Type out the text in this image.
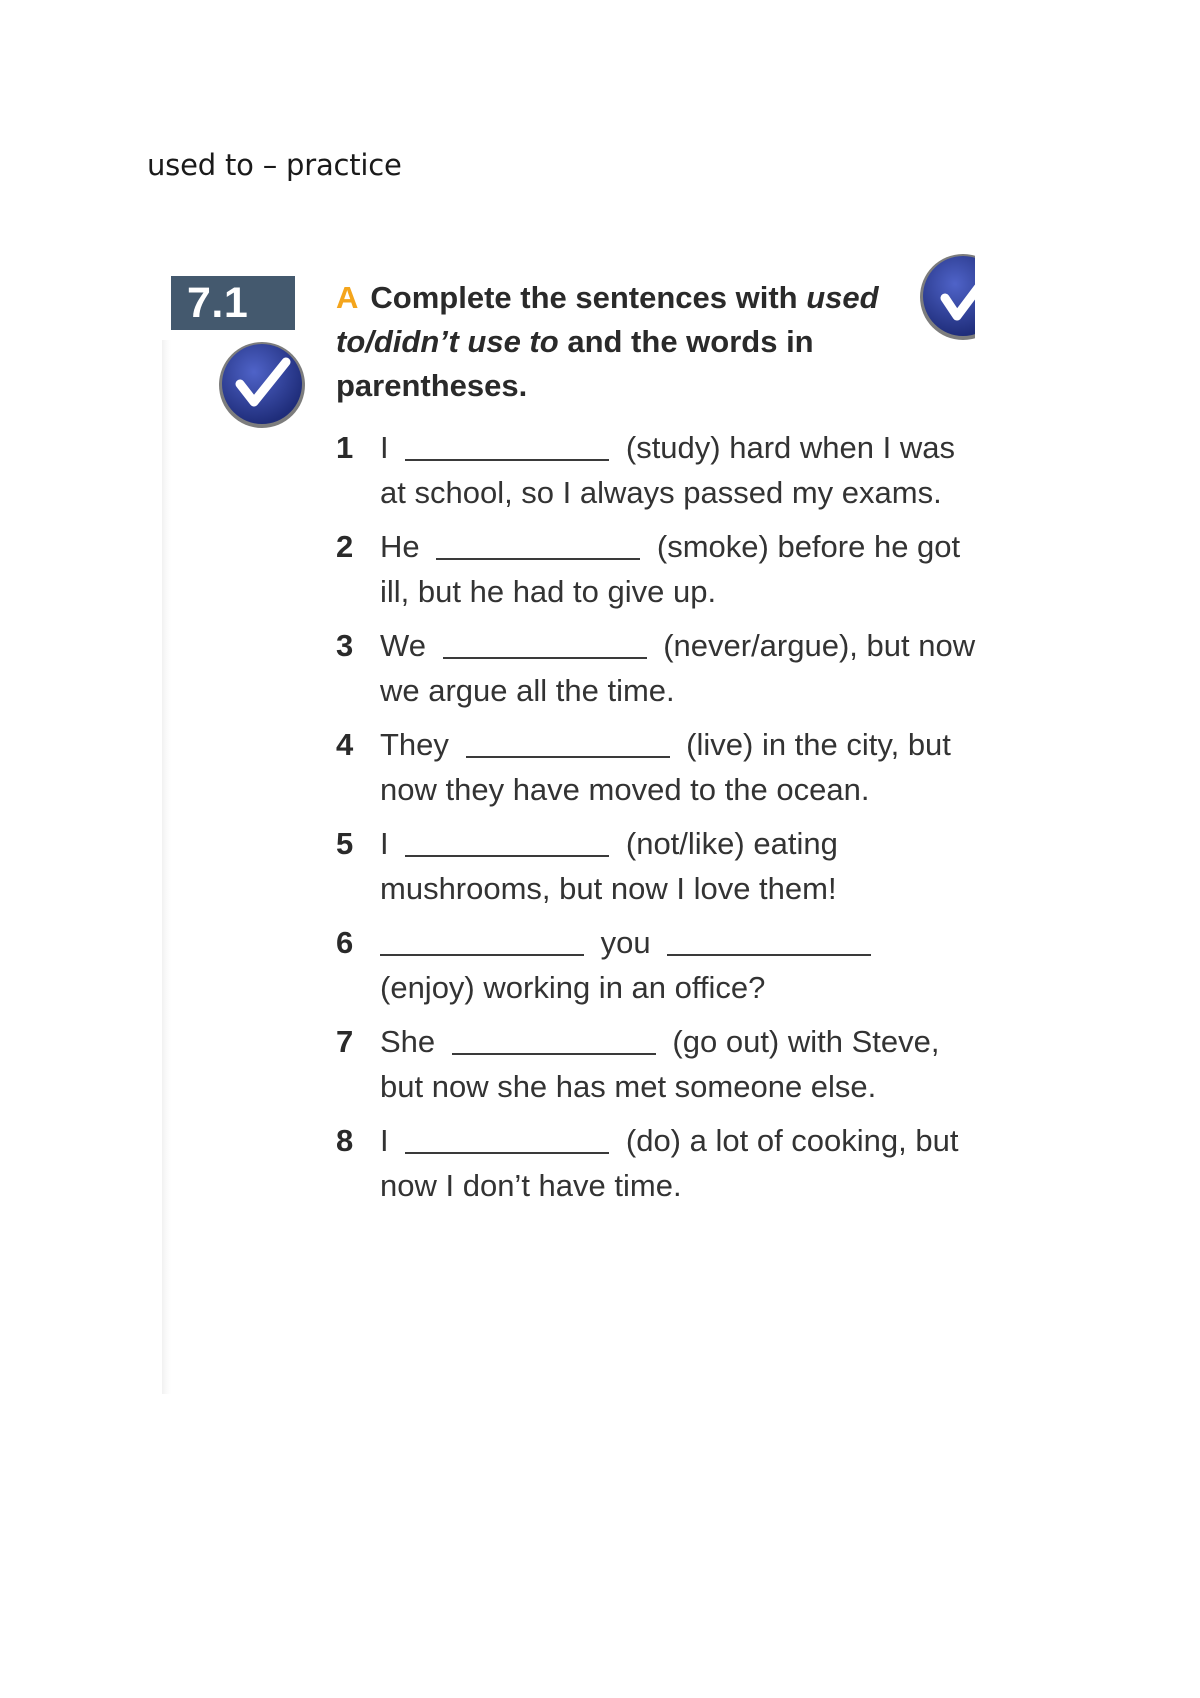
used to – practice
7.1	A Complete the sentences with used to/didn’t use to and the words in parentheses.
1 I	(study) hard when I was at school, so I always passed my exams.
2 He	(smoke) before he got ill, but he had to give up.
3 We	(never/argue), but now we argue all the time.
4 They	(live) in the city, but now they have moved to the ocean.
5 I	(not/like) eating mushrooms, but now I love them!
6	you  (enjoy) working in an office?
7 She	(go out) with Steve, but now she has met someone else.
8 I	(do) a lot of cooking, but now I don’t have time.
